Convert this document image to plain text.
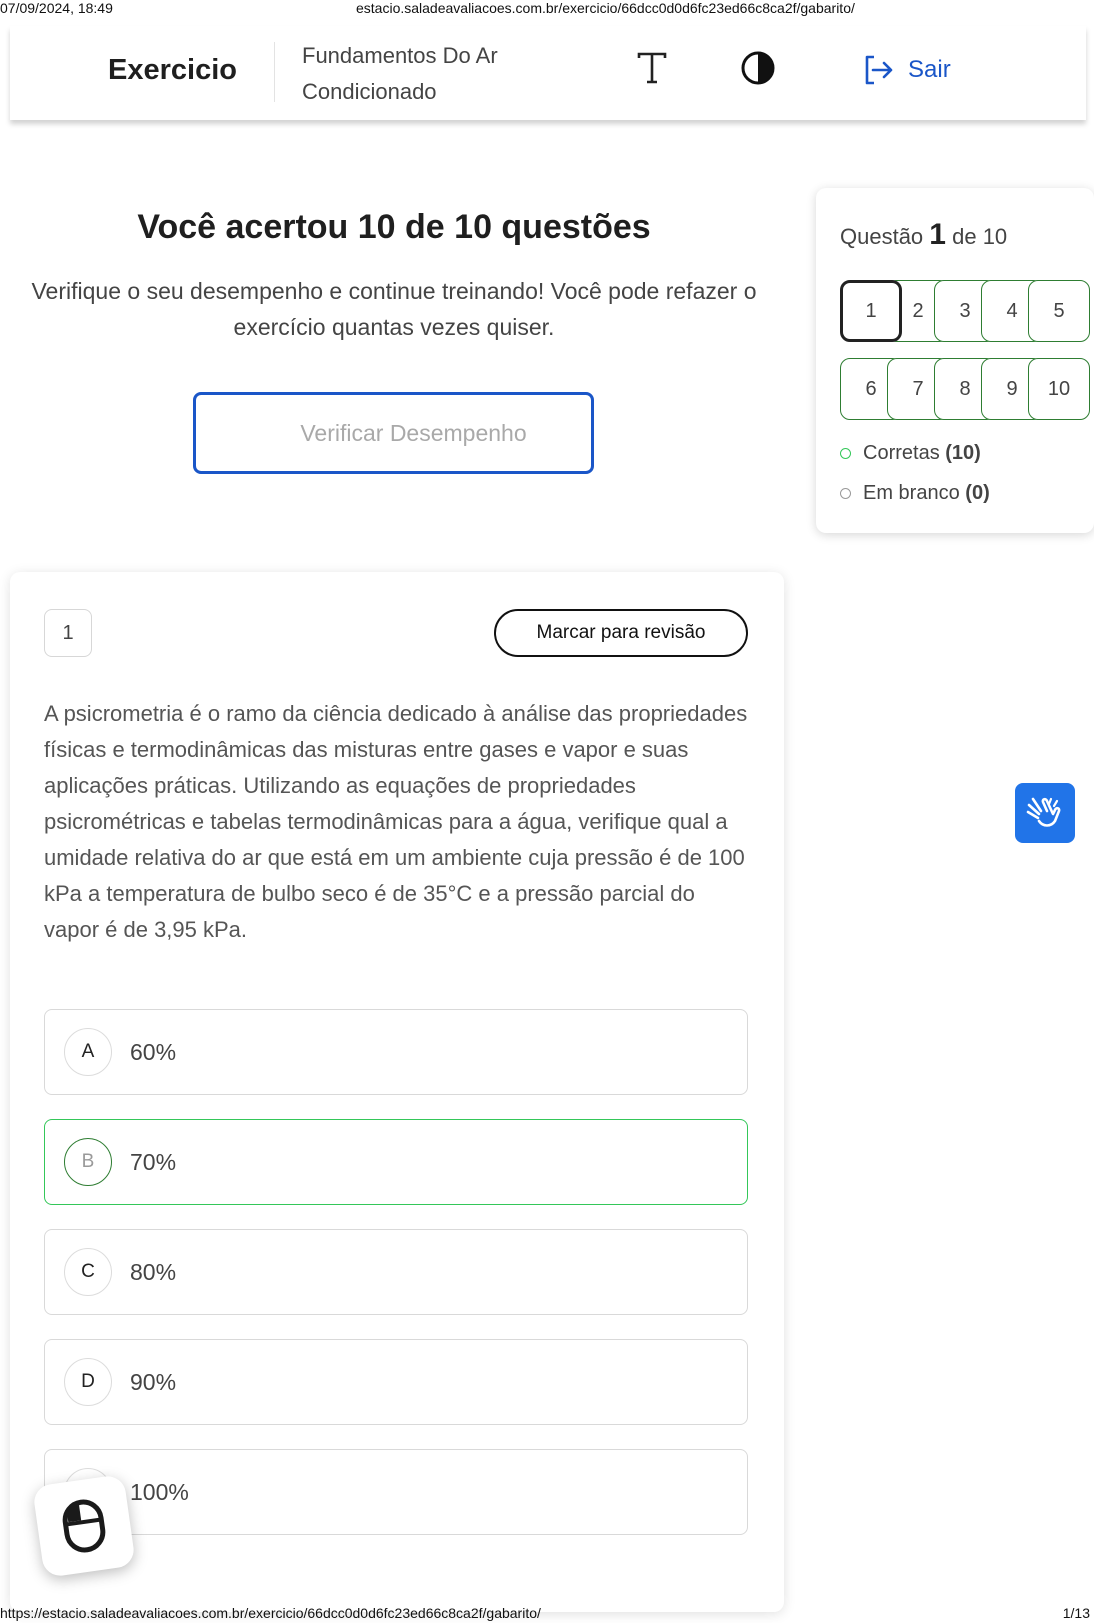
07/09/2024, 18:49	estacio.saladeavaliacoes.com.br/exercicio/66dcc0d0d6fc23ed66c8ca2f/gabarito/
Exercicio	Fundamentos Do Ar Condicionado
Sair
Você acertou 10 de 10 questões

Verifique o seu desempenho e continue treinando! Você pode refazer o exercício quantas vezes quiser.

Verificar Desempenho
Questão 1 de 10
1	2	3	4	5
6	7	8	9	10
Corretas (10)
Em branco (0)
1	Marcar para revisão
A psicrometria é o ramo da ciência dedicado à análise das propriedades físicas e termodinâmicas das misturas entre gases e vapor e suas aplicações práticas. Utilizando as equações de propriedades psicrométricas e tabelas termodinâmicas para a água, verifique qual a umidade relativa do ar que está em um ambiente cuja pressão é de 100 kPa a temperatura de bulbo seco é de 35°C e a pressão parcial do vapor é de 3,95 kPa.
A	60%
B	70%
C	80%
D	90%
100%
https://estacio.saladeavaliacoes.com.br/exercicio/66dcc0d0d6fc23ed66c8ca2f/gabarito/	1/13
